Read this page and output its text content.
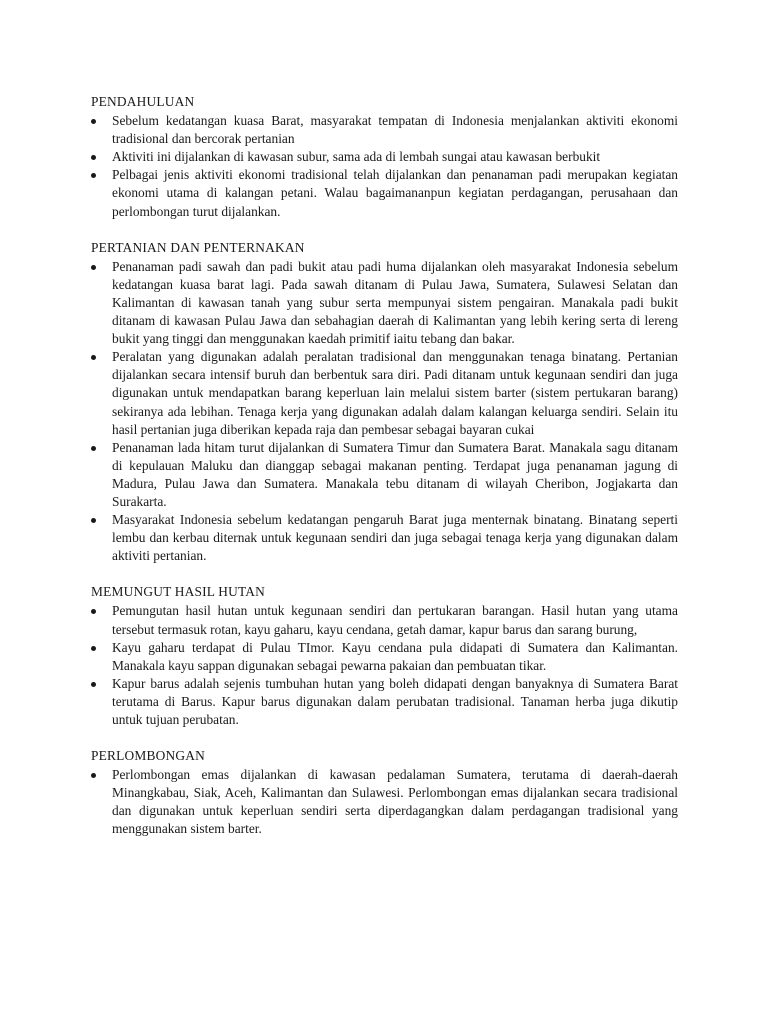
PENDAHULUAN
Sebelum kedatangan kuasa Barat, masyarakat tempatan di Indonesia menjalankan aktiviti ekonomi tradisional dan bercorak pertanian
Aktiviti ini dijalankan di kawasan subur, sama ada di lembah sungai atau kawasan berbukit
Pelbagai jenis aktiviti ekonomi tradisional telah dijalankan dan penanaman padi merupakan kegiatan ekonomi utama di kalangan petani. Walau bagaimananpun kegiatan perdagangan, perusahaan dan perlombongan turut dijalankan.
PERTANIAN DAN PENTERNAKAN
Penanaman padi sawah dan padi bukit atau padi huma dijalankan oleh masyarakat Indonesia sebelum kedatangan kuasa barat lagi. Pada sawah ditanam di Pulau Jawa, Sumatera, Sulawesi Selatan dan Kalimantan di kawasan tanah yang subur serta mempunyai sistem pengairan. Manakala padi bukit ditanam di kawasan Pulau Jawa dan sebahagian daerah di Kalimantan yang lebih kering serta di lereng bukit yang tinggi dan menggunakan kaedah primitif iaitu tebang dan bakar.
Peralatan yang digunakan adalah peralatan tradisional dan menggunakan tenaga binatang. Pertanian dijalankan secara intensif buruh dan berbentuk sara diri. Padi ditanam untuk kegunaan sendiri dan juga digunakan untuk mendapatkan barang keperluan lain melalui sistem barter (sistem pertukaran barang) sekiranya ada lebihan. Tenaga kerja yang digunakan adalah dalam kalangan keluarga sendiri. Selain itu hasil pertanian juga diberikan kepada raja dan pembesar sebagai bayaran cukai
Penanaman lada hitam turut dijalankan di Sumatera Timur dan Sumatera Barat. Manakala sagu ditanam di kepulauan Maluku dan dianggap sebagai makanan penting. Terdapat juga penanaman jagung di Madura, Pulau Jawa dan Sumatera. Manakala tebu ditanam di wilayah Cheribon, Jogjakarta dan Surakarta.
Masyarakat Indonesia sebelum kedatangan pengaruh Barat juga menternak binatang. Binatang seperti lembu dan kerbau diternak untuk kegunaan sendiri dan juga sebagai tenaga kerja yang digunakan dalam aktiviti pertanian.
MEMUNGUT HASIL HUTAN
Pemungutan hasil hutan untuk kegunaan sendiri dan pertukaran barangan. Hasil hutan yang utama tersebut termasuk rotan, kayu gaharu, kayu cendana, getah damar, kapur barus dan sarang burung,
Kayu gaharu terdapat di Pulau TImor. Kayu cendana pula didapati di Sumatera dan Kalimantan. Manakala kayu sappan digunakan sebagai pewarna pakaian dan pembuatan tikar.
Kapur barus adalah sejenis tumbuhan hutan yang boleh didapati dengan banyaknya di Sumatera Barat terutama di Barus. Kapur barus digunakan dalam perubatan tradisional. Tanaman herba juga dikutip untuk tujuan perubatan.
PERLOMBONGAN
Perlombongan emas dijalankan di kawasan pedalaman Sumatera, terutama di daerah-daerah Minangkabau, Siak, Aceh, Kalimantan dan Sulawesi. Perlombongan emas dijalankan secara tradisional dan digunakan untuk keperluan sendiri serta diperdagangkan dalam perdagangan tradisional yang menggunakan sistem barter.
